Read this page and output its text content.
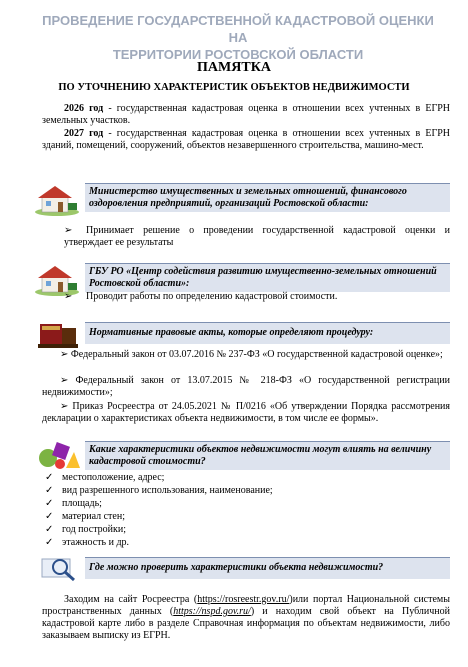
ПРОВЕДЕНИЕ ГОСУДАРСТВЕННОЙ КАДАСТРОВОЙ ОЦЕНКИ НА
ТЕРРИТОРИИ РОСТОВСКОЙ ОБЛАСТИ
ПАМЯТКА
ПО УТОЧНЕНИЮ ХАРАКТЕРИСТИК ОБЪЕКТОВ НЕДВИЖИМОСТИ
2026 год - государственная кадастровая оценка в отношении всех учтенных в ЕГРН земельных участков.
2027 год - государственная кадастровая оценка в отношении всех учтенных в ЕГРН зданий, помещений, сооружений, объектов незавершенного строительства, машино-мест.
Министерство имущественных и земельных отношений, финансового оздоровления предприятий, организаций Ростовской области:
➢ Принимает решение о проведении государственной кадастровой оценки и утверждает ее результаты
ГБУ РО «Центр содействия развитию имущественно-земельных отношений Ростовской области»:
➢ Проводит работы по определению кадастровой стоимости.
Нормативные правовые акты, которые определяют процедуру:
➢ Федеральный закон от 03.07.2016 № 237-ФЗ «О государственной кадастровой оценке»;
➢ Федеральный закон от 13.07.2015 № 218-ФЗ «О государственной регистрации недвижимости»;
➢ Приказ Росреестра от 24.05.2021 № П/0216 «Об утверждении Порядка рассмотрения декларации о характеристиках объекта недвижимости, в том числе ее формы».
Какие характеристики объектов недвижимости могут влиять на величину кадастровой стоимости?
✓ местоположение, адрес;
✓ вид разрешенного использования, наименование;
✓ площадь;
✓ материал стен;
✓ год постройки;
✓ этажность и др.
Где можно проверить характеристики объекта недвижимости?
Заходим на сайт Росреестра (https://rosreestr.gov.ru/)или портал Национальной системы пространственных данных (https://nspd.gov.ru/) и находим свой объект на Публичной кадастровой карте либо в разделе Справочная информация по объектам недвижимости, либо заказываем выписку из ЕГРН.
